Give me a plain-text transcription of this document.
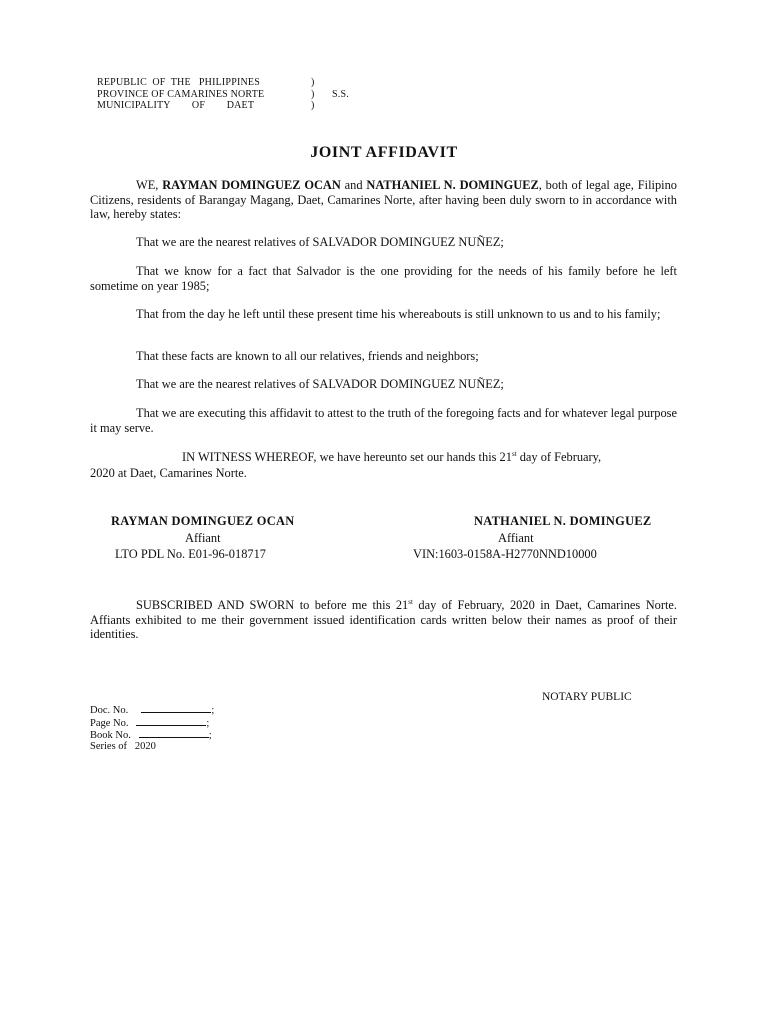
REPUBLIC  OF  THE   PHILIPPINES
PROVINCE OF CAMARINES NORTE
MUNICIPALITY        OF        DAET
)
)
)
S.S.
JOINT AFFIDAVIT
WE, RAYMAN DOMINGUEZ OCAN and NATHANIEL N. DOMINGUEZ, both of legal age, Filipino Citizens, residents of Barangay Magang, Daet, Camarines Norte, after having been duly sworn to in accordance with law, hereby states:
That we are the nearest relatives of SALVADOR DOMINGUEZ NUÑEZ;
That we know for a fact that Salvador is the one providing for the needs of his family before he left sometime on year 1985;
That from the day he left until these present time his whereabouts is still unknown to us and to his family;
That these facts are known to all our relatives, friends and neighbors;
That we are the nearest relatives of SALVADOR DOMINGUEZ NUÑEZ;
That we are executing this affidavit to attest to the truth of the foregoing facts and for whatever legal purpose it may serve.
IN WITNESS WHEREOF, we have hereunto set our hands this 21st day of February,
2020 at Daet, Camarines Norte.
RAYMAN DOMINGUEZ OCAN
Affiant
LTO PDL No. E01-96-018717
NATHANIEL N. DOMINGUEZ
Affiant
VIN:1603-0158A-H2770NND10000
SUBSCRIBED AND SWORN to before me this 21st day of February, 2020 in Daet, Camarines Norte. Affiants exhibited to me their government issued identification cards written below their names as proof of their identities.
NOTARY PUBLIC
Doc. No.	;
Page No.	;
Book No.	;
Series of 2020
